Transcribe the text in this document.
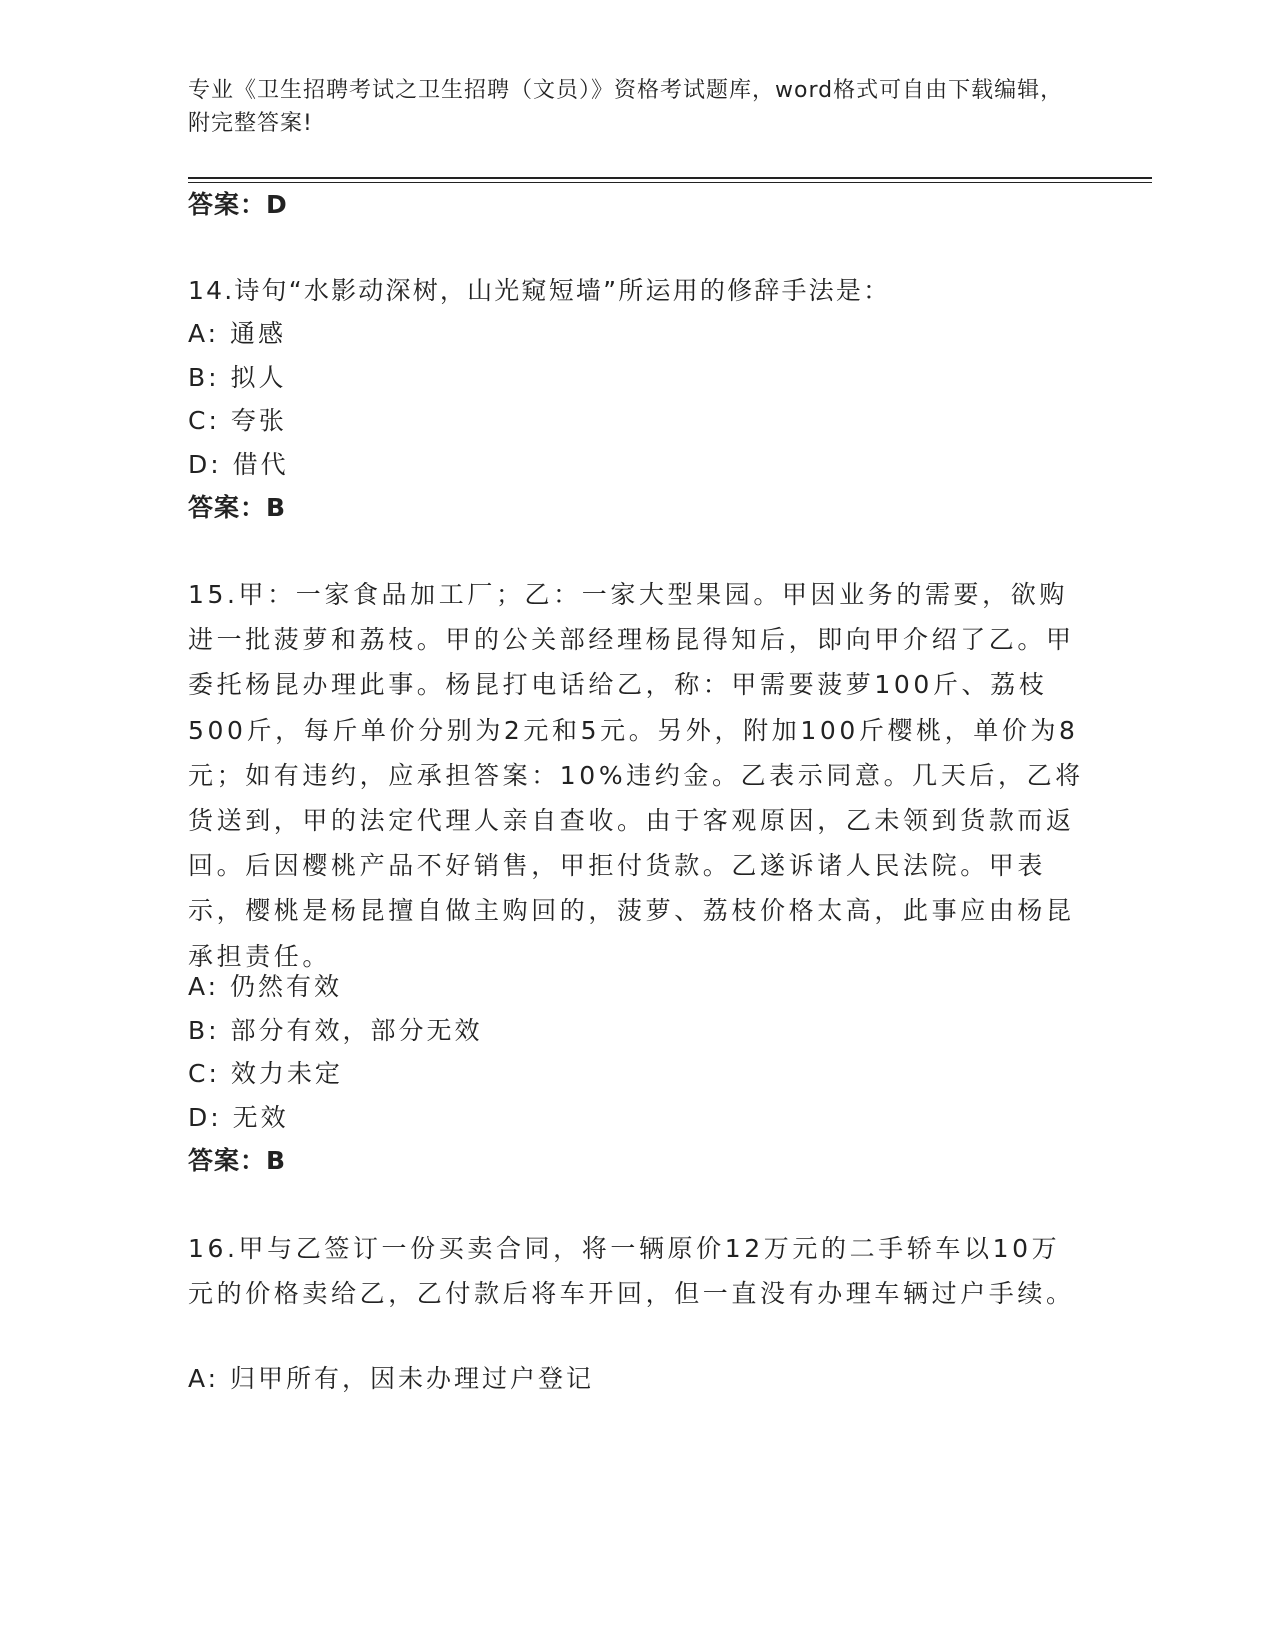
专业《卫生招聘考试之卫生招聘（文员）》资格考试题库，word格式可自由下载编辑，附完整答案!
答案：D
14.诗句“水影动深树，山光窥短墙”所运用的修辞手法是：
A: 通感
B: 拟人
C: 夸张
D: 借代
答案：B
15.甲：一家食品加工厂；乙：一家大型果园。甲因业务的需要，欲购进一批菠萝和荔枝。甲的公关部经理杨昆得知后，即向甲介绍了乙。甲委托杨昆办理此事。杨昆打电话给乙，称：甲需要菠萝100斤、荔枝500斤，每斤单价分别为2元和5元。另外，附加100斤樱桃，单价为8元；如有违约，应承担答案：10%违约金。乙表示同意。几天后，乙将货送到，甲的法定代理人亲自查收。由于客观原因，乙未领到货款而返回。后因樱桃产品不好销售，甲拒付货款。乙遂诉诸人民法院。甲表示，樱桃是杨昆擅自做主购回的，菠萝、荔枝价格太高，此事应由杨昆承担责任。
A: 仍然有效
B: 部分有效，部分无效
C: 效力未定
D: 无效
答案：B
16.甲与乙签订一份买卖合同，将一辆原价12万元的二手轿车以10万元的价格卖给乙，乙付款后将车开回，但一直没有办理车辆过户手续。
A: 归甲所有，因未办理过户登记
